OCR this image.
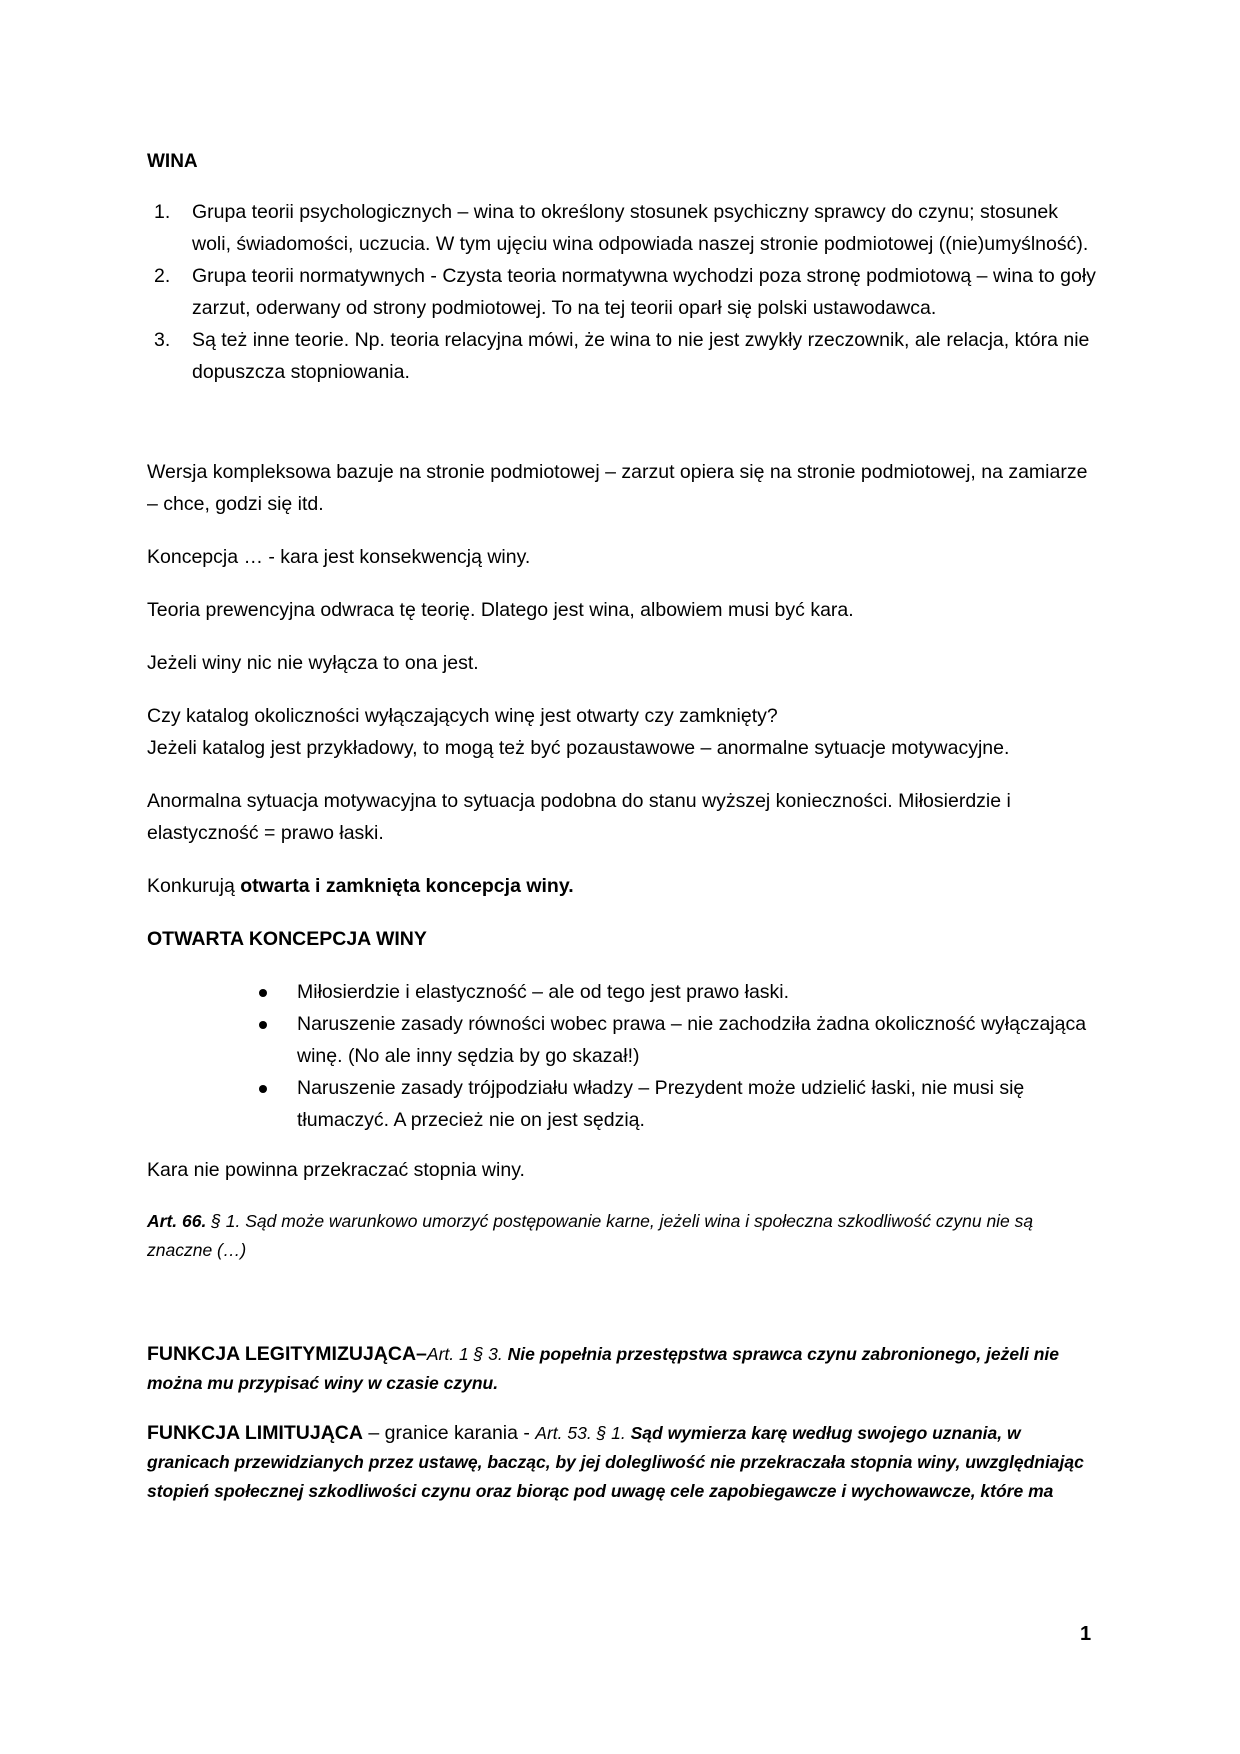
WINA
1. Grupa teorii psychologicznych – wina to określony stosunek psychiczny sprawcy do czynu; stosunek woli, świadomości, uczucia. W tym ujęciu wina odpowiada naszej stronie podmiotowej ((nie)umyślność).
2. Grupa teorii normatywnych - Czysta teoria normatywna wychodzi poza stronę podmiotową – wina to goły zarzut, oderwany od strony podmiotowej. To na tej teorii oparł się polski ustawodawca.
3. Są też inne teorie. Np. teoria relacyjna mówi, że wina to nie jest zwykły rzeczownik, ale relacja, która nie dopuszcza stopniowania.

Wersja kompleksowa bazuje na stronie podmiotowej – zarzut opiera się na stronie podmiotowej, na zamiarze – chce, godzi się itd.

Koncepcja … - kara jest konsekwencją winy.

Teoria prewencyjna odwraca tę teorię. Dlatego jest wina, albowiem musi być kara.

Jeżeli winy nic nie wyłącza to ona jest.

Czy katalog okoliczności wyłączających winę jest otwarty czy zamknięty?
Jeżeli katalog jest przykładowy, to mogą też być pozaustawowe – anormalne sytuacje motywacyjne.

Anormalna sytuacja motywacyjna to sytuacja podobna do stanu wyższej konieczności. Miłosierdzie i elastyczność = prawo łaski.

Konkurują otwarta i zamknięta koncepcja winy.

OTWARTA KONCEPCJA WINY

Miłosierdzie i elastyczność – ale od tego jest prawo łaski.
Naruszenie zasady równości wobec prawa – nie zachodziła żadna okoliczność wyłączająca winę. (No ale inny sędzia by go skazał!)
Naruszenie zasady trójpodziału władzy – Prezydent może udzielić łaski, nie musi się tłumaczyć. A przecież nie on jest sędzią.

Kara nie powinna przekraczać stopnia winy.

Art. 66. § 1. Sąd może warunkowo umorzyć postępowanie karne, jeżeli wina i społeczna szkodliwość czynu nie są znaczne (…)

FUNKCJA LEGITYMIZUJĄCA–Art. 1 § 3. Nie popełnia przestępstwa sprawca czynu zabronionego, jeżeli nie można mu przypisać winy w czasie czynu.

FUNKCJA LIMITUJĄCA – granice karania - Art. 53. § 1. Sąd wymierza karę według swojego uznania, w granicach przewidzianych przez ustawę, bacząc, by jej dolegliwość nie przekraczała stopnia winy, uwzględniając stopień społecznej szkodliwości czynu oraz biorąc pod uwagę cele zapobiegawcze i wychowawcze, które ma

1
